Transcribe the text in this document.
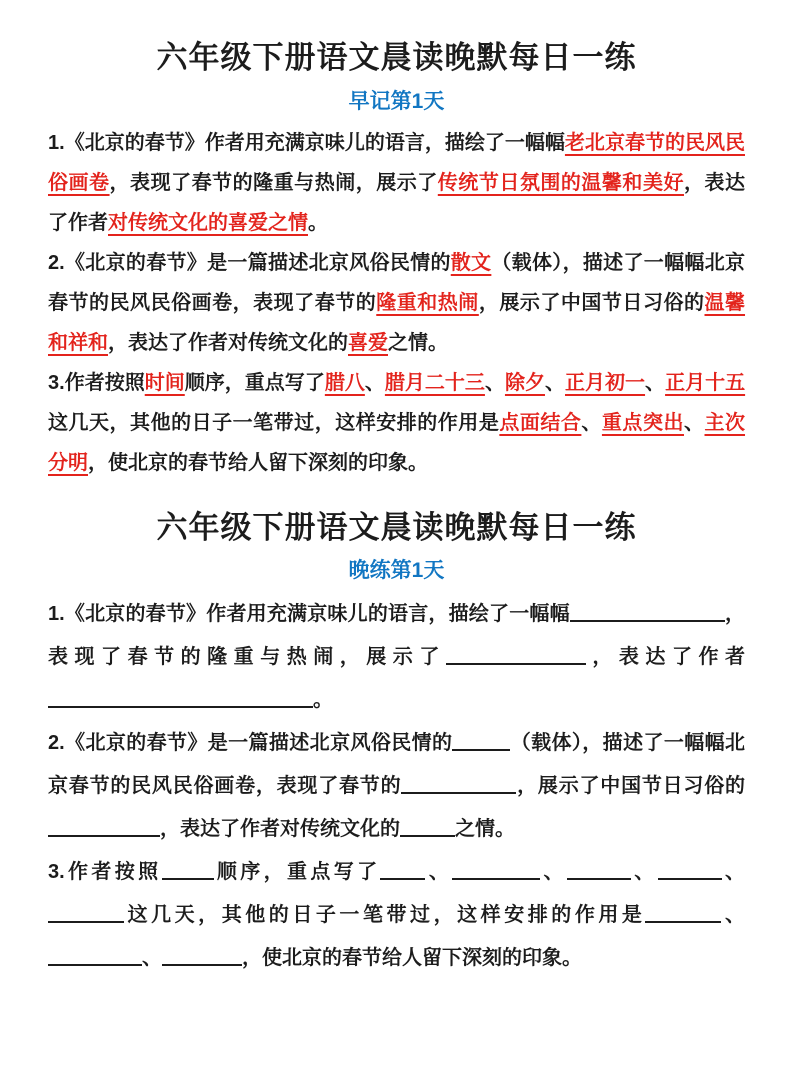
六年级下册语文晨读晚默每日一练
早记第1天

1.《北京的春节》作者用充满京味儿的语言，描绘了一幅幅老北京春节的民风民俗画卷，表现了春节的隆重与热闹，展示了传统节日氛围的温馨和美好，表达了作者对传统文化的喜爱之情。

2.《北京的春节》是一篇描述北京风俗民情的散文（载体），描述了一幅幅北京春节的民风民俗画卷，表现了春节的隆重和热闹，展示了中国节日习俗的温馨和祥和，表达了作者对传统文化的喜爱之情。

3.作者按照时间顺序，重点写了腊八、腊月二十三、除夕、正月初一、正月十五这几天，其他的日子一笔带过，这样安排的作用是点面结合、重点突出、主次分明，使北京的春节给人留下深刻的印象。

六年级下册语文晨读晚默每日一练
晚练第1天

1.《北京的春节》作者用充满京味儿的语言，描绘了一幅幅	，表现了春节的隆重与热闹，展示了	，表达了作者。

2.《北京的春节》是一篇描述北京风俗民情的	（载体），描述了一幅幅北京春节的民风民俗画卷，表现了春节的	，展示了中国节日习俗的，表达了作者对传统文化的	之情。

3.作者按照	顺序，重点写了 、	、	、	、这几天，其他的日子一笔带过，这样安排的作用是	、、	，使北京的春节给人留下深刻的印象。
